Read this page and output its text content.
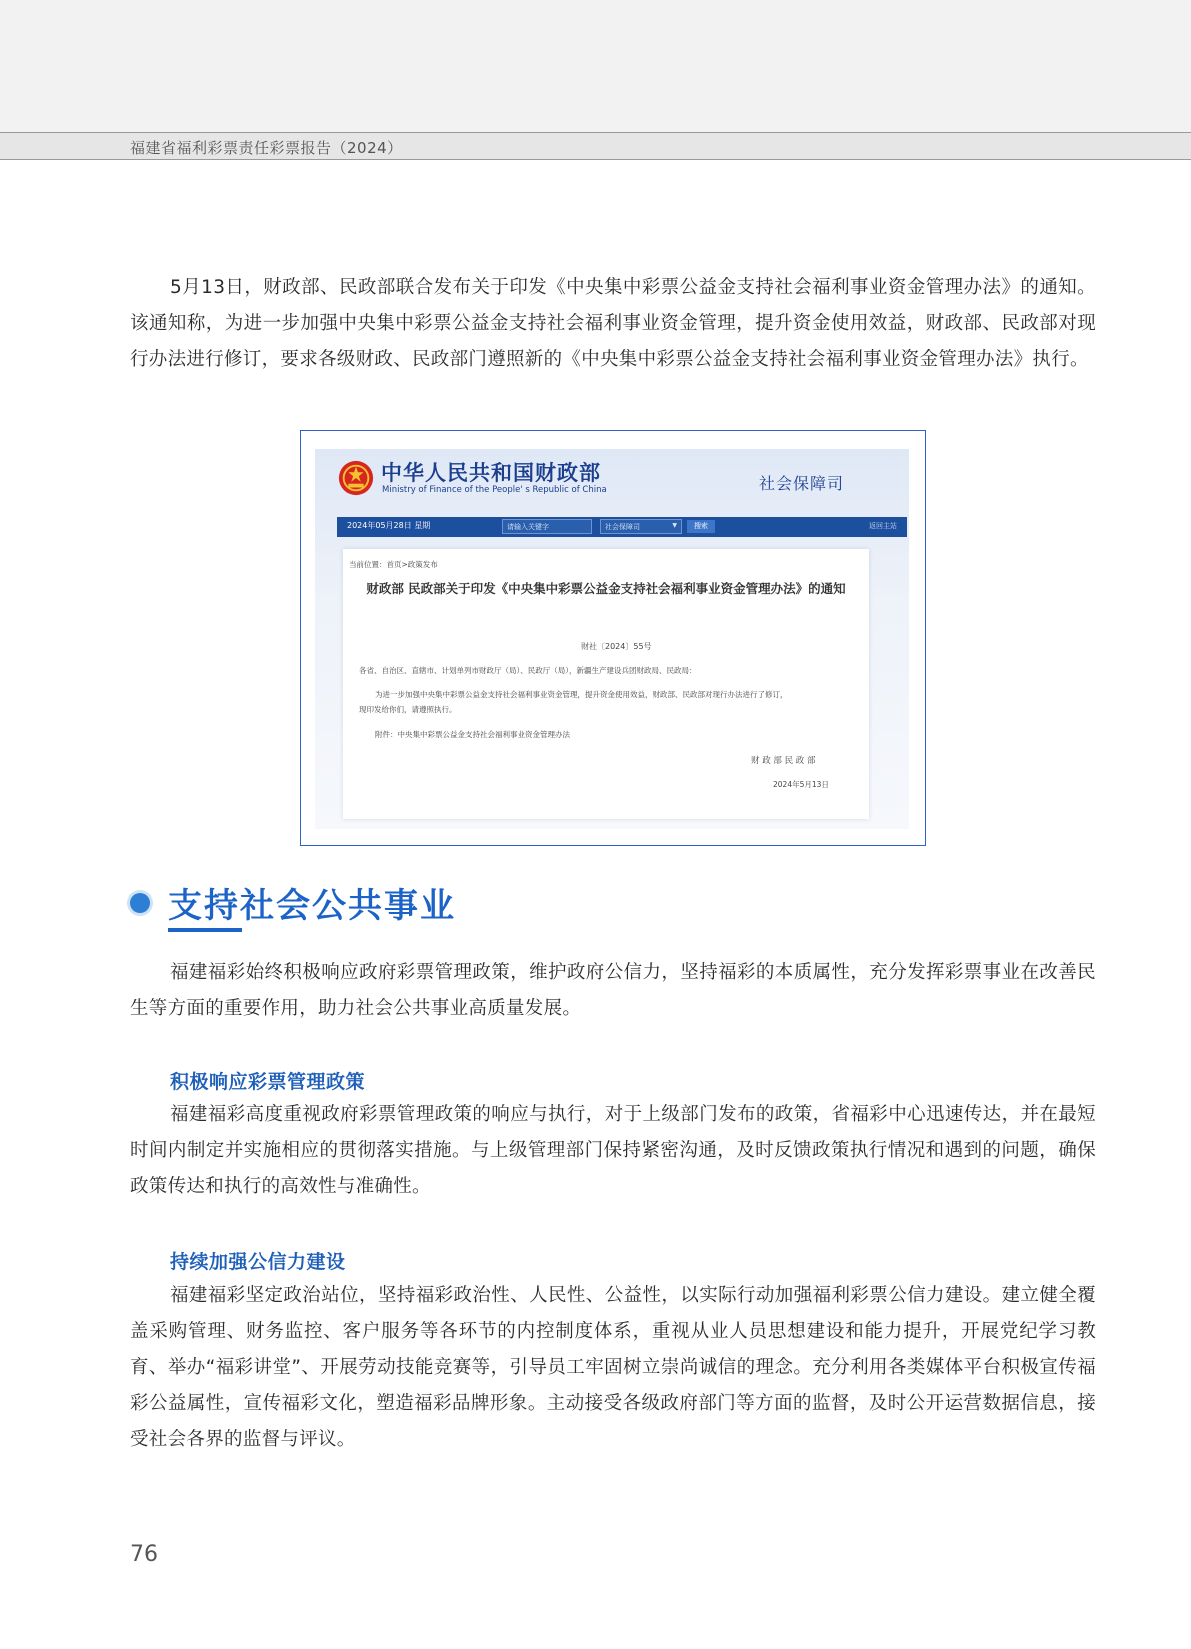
福建省福利彩票责任彩票报告（2024）

5月13日，财政部、民政部联合发布关于印发《中央集中彩票公益金支持社会福利事业资金管理办法》的通知。该通知称，为进一步加强中央集中彩票公益金支持社会福利事业资金管理，提升资金使用效益，财政部、民政部对现行办法进行修订，要求各级财政、民政部门遵照新的《中央集中彩票公益金支持社会福利事业资金管理办法》执行。

中华人民共和国财政部
Ministry of Finance of the People' s Republic of China	社会保障司
2024年05月28日 星期	请输入关键字	社会保障司	▼	搜索	返回主站
当前位置：首页>政策发布
财政部 民政部关于印发《中央集中彩票公益金支持社会福利事业资金管理办法》的通知
财社〔2024〕55号
各省、自治区、直辖市、计划单列市财政厅（局）、民政厅（局），新疆生产建设兵团财政局、民政局：
为进一步加强中央集中彩票公益金支持社会福利事业资金管理，提升资金使用效益，财政部、民政部对现行办法进行了修订，
现印发给你们，请遵照执行。
附件：中央集中彩票公益金支持社会福利事业资金管理办法
财 政 部 民 政 部
2024年5月13日
支持社会公共事业

福建福彩始终积极响应政府彩票管理政策，维护政府公信力，坚持福彩的本质属性，充分发挥彩票事业在改善民生等方面的重要作用，助力社会公共事业高质量发展。

积极响应彩票管理政策

福建福彩高度重视政府彩票管理政策的响应与执行，对于上级部门发布的政策，省福彩中心迅速传达，并在最短时间内制定并实施相应的贯彻落实措施。与上级管理部门保持紧密沟通，及时反馈政策执行情况和遇到的问题，确保政策传达和执行的高效性与准确性。

持续加强公信力建设

福建福彩坚定政治站位，坚持福彩政治性、人民性、公益性，以实际行动加强福利彩票公信力建设。建立健全覆盖采购管理、财务监控、客户服务等各环节的内控制度体系，重视从业人员思想建设和能力提升，开展党纪学习教育、举办“福彩讲堂”、开展劳动技能竞赛等，引导员工牢固树立崇尚诚信的理念。充分利用各类媒体平台积极宣传福彩公益属性，宣传福彩文化，塑造福彩品牌形象。主动接受各级政府部门等方面的监督，及时公开运营数据信息，接受社会各界的监督与评议。

76
